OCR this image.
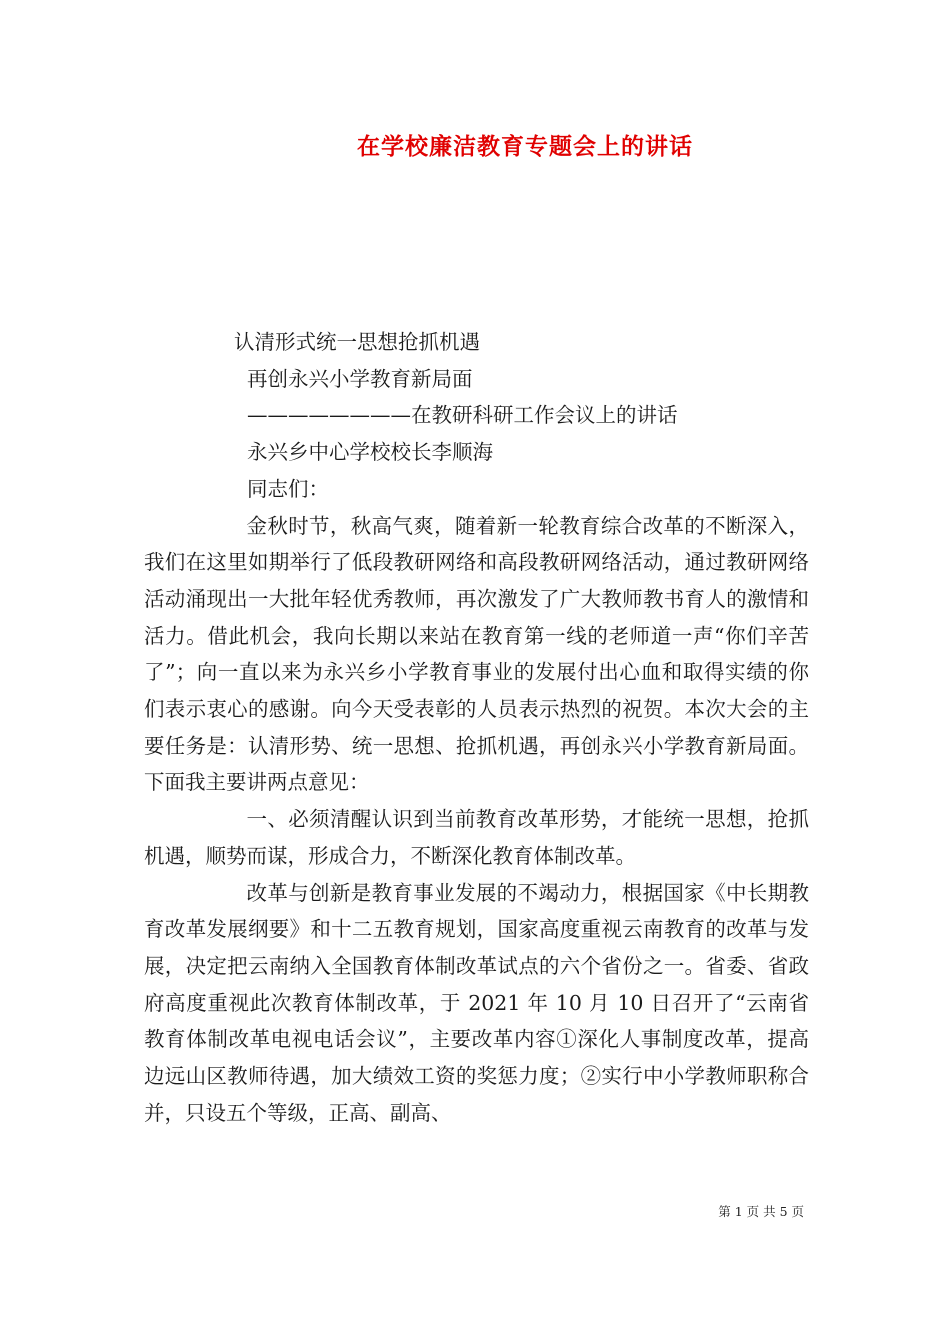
在学校廉洁教育专题会上的讲话

认清形式统一思想抢抓机遇

再创永兴小学教育新局面

————————在教研科研工作会议上的讲话

永兴乡中心学校校长李顺海

同志们：

金秋时节，秋高气爽，随着新一轮教育综合改革的不断深入，我们在这里如期举行了低段教研网络和高段教研网络活动，通过教研网络活动涌现出一大批年轻优秀教师，再次激发了广大教师教书育人的激情和活力。借此机会，我向长期以来站在教育第一线的老师道一声“你们辛苦了”；向一直以来为永兴乡小学教育事业的发展付出心血和取得实绩的你们表示衷心的感谢。向今天受表彰的人员表示热烈的祝贺。本次大会的主要任务是：认清形势、统一思想、抢抓机遇，再创永兴小学教育新局面。下面我主要讲两点意见：

一、必须清醒认识到当前教育改革形势，才能统一思想，抢抓机遇，顺势而谋，形成合力，不断深化教育体制改革。

改革与创新是教育事业发展的不竭动力，根据国家《中长期教育改革发展纲要》和十二五教育规划，国家高度重视云南教育的改革与发展，决定把云南纳入全国教育体制改革试点的六个省份之一。省委、省政府高度重视此次教育体制改革，于 2021 年 10 月 10 日召开了“云南省教育体制改革电视电话会议”，主要改革内容①深化人事制度改革，提高边远山区教师待遇，加大绩效工资的奖惩力度；②实行中小学教师职称合并，只设五个等级，正高、副高、

第 1 页 共 5 页
